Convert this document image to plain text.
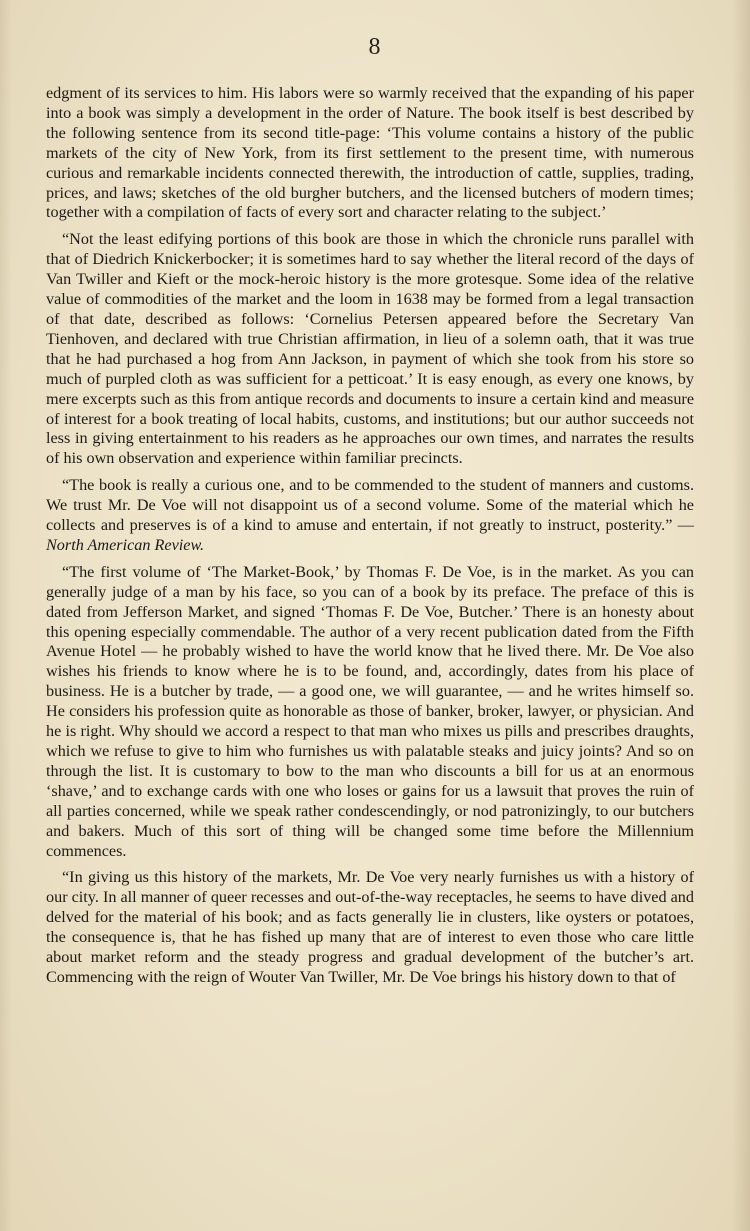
8

edgment of its services to him. His labors were so warmly received that the expanding of his paper into a book was simply a development in the order of Nature. The book itself is best described by the following sentence from its second title-page: ‘This volume contains a history of the public markets of the city of New York, from its first settlement to the present time, with numerous curious and remarkable incidents connected therewith, the introduction of cattle, supplies, trading, prices, and laws; sketches of the old burgher butchers, and the licensed butchers of modern times; together with a compilation of facts of every sort and character relating to the subject.’

“Not the least edifying portions of this book are those in which the chronicle runs parallel with that of Diedrich Knickerbocker; it is sometimes hard to say whether the literal record of the days of Van Twiller and Kieft or the mock-heroic history is the more grotesque. Some idea of the relative value of commodities of the market and the loom in 1638 may be formed from a legal transaction of that date, described as follows: ‘Cornelius Petersen appeared before the Secretary Van Tienhoven, and declared with true Christian affirmation, in lieu of a solemn oath, that it was true that he had purchased a hog from Ann Jackson, in payment of which she took from his store so much of purpled cloth as was sufficient for a petticoat.’ It is easy enough, as every one knows, by mere excerpts such as this from antique records and documents to insure a certain kind and measure of interest for a book treating of local habits, customs, and institutions; but our author succeeds not less in giving entertainment to his readers as he approaches our own times, and narrates the results of his own observation and experience within familiar precincts.

“The book is really a curious one, and to be commended to the student of manners and customs. We trust Mr. De Voe will not disappoint us of a second volume. Some of the material which he collects and preserves is of a kind to amuse and entertain, if not greatly to instruct, posterity.” — North American Review.

“The first volume of ‘The Market-Book,’ by Thomas F. De Voe, is in the market. As you can generally judge of a man by his face, so you can of a book by its preface. The preface of this is dated from Jefferson Market, and signed ‘Thomas F. De Voe, Butcher.’ There is an honesty about this opening especially commendable. The author of a very recent publication dated from the Fifth Avenue Hotel — he probably wished to have the world know that he lived there. Mr. De Voe also wishes his friends to know where he is to be found, and, accordingly, dates from his place of business. He is a butcher by trade, — a good one, we will guarantee, — and he writes himself so. He considers his profession quite as honorable as those of banker, broker, lawyer, or physician. And he is right. Why should we accord a respect to that man who mixes us pills and prescribes draughts, which we refuse to give to him who furnishes us with palatable steaks and juicy joints? And so on through the list. It is customary to bow to the man who discounts a bill for us at an enormous ‘shave,’ and to exchange cards with one who loses or gains for us a lawsuit that proves the ruin of all parties concerned, while we speak rather condescendingly, or nod patronizingly, to our butchers and bakers. Much of this sort of thing will be changed some time before the Millennium commences.

“In giving us this history of the markets, Mr. De Voe very nearly furnishes us with a history of our city. In all manner of queer recesses and out-of-the-way receptacles, he seems to have dived and delved for the material of his book; and as facts generally lie in clusters, like oysters or potatoes, the consequence is, that he has fished up many that are of interest to even those who care little about market reform and the steady progress and gradual development of the butcher’s art. Commencing with the reign of Wouter Van Twiller, Mr. De Voe brings his history down to that of
